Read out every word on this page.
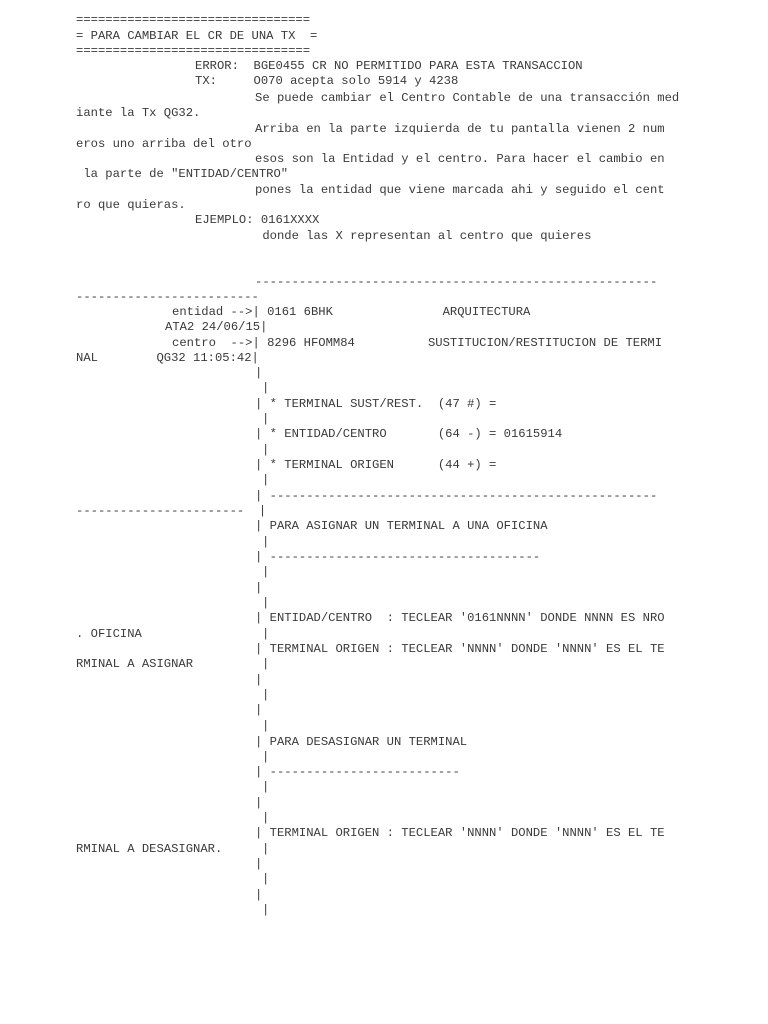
================================
= PARA CAMBIAR EL CR DE UNA TX  =
================================
ERROR:  BGE0455 CR NO PERMITIDO PARA ESTA TRANSACCION
TX:     O070 acepta solo 5914 y 4238
Se puede cambiar el Centro Contable de una transacción med
iante la Tx QG32.
Arriba en la parte izquierda de tu pantalla vienen 2 num
eros uno arriba del otro
esos son la Entidad y el centro. Para hacer el cambio en
la parte de "ENTIDAD/CENTRO"
pones la entidad que viene marcada ahi y seguido el cent
ro que quieras.
EJEMPLO: 0161XXXX
donde las X representan al centro que quieres
-------------------------------------------------------
-------------------------
entidad -->| 0161 6BHK               ARQUITECTURA
ATA2 24/06/15|
centro  -->| 8296 HFOMM84          SUSTITUCION/RESTITUCION DE TERMI
NAL        QG32 11:05:42|
|
|
| * TERMINAL SUST/REST.  (47 #) =
|
| * ENTIDAD/CENTRO       (64 -) = 01615914
|
| * TERMINAL ORIGEN      (44 +) =
|
| -----------------------------------------------------
-----------------------  |
| PARA ASIGNAR UN TERMINAL A UNA OFICINA
|
| -------------------------------------
|
|
|
| ENTIDAD/CENTRO  : TECLEAR '0161NNNN' DONDE NNNN ES NRO
. OFICINA	|
| TERMINAL ORIGEN : TECLEAR 'NNNN' DONDE 'NNNN' ES EL TE
RMINAL A ASIGNAR	|
|
|
|
|
| PARA DESASIGNAR UN TERMINAL
|
| --------------------------
|
|
|
| TERMINAL ORIGEN : TECLEAR 'NNNN' DONDE 'NNNN' ES EL TE
RMINAL A DESASIGNAR.	|
|
|
|
|
